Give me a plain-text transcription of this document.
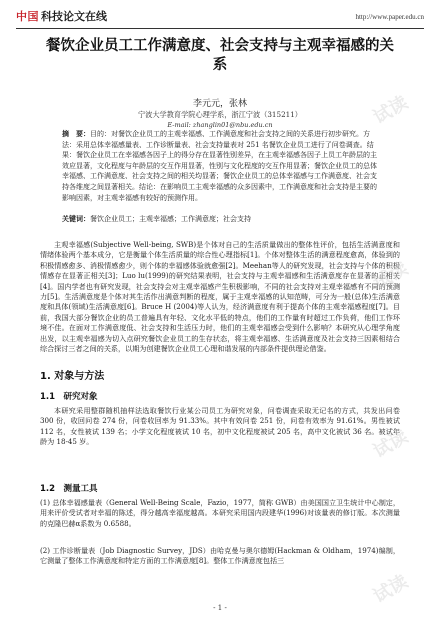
中国 科技论文在线	http://www.paper.edu.cn
餐饮企业员工工作满意度、社会支持与主观幸福感的关系
李元元，张林
宁波大学教育学院心理学系，浙江宁波（315211）
E-mail: zhanglin01@nbu.edu.cn
摘　要：目的：对餐饮企业员工的主观幸福感、工作满意度和社会支持之间的关系进行初步研究。方法：采用总体幸福感量表、工作诊断量表、社会支持量表对 251 名餐饮企业员工进行了问卷调查。结果：餐饮企业员工在幸福感各因子上的得分存在显著性别差异，在主观幸福感各因子上员工年龄层的主效应显著，文化程度与年龄层的交互作用显著，性别与文化程度的交互作用显著；餐饮企业员工的总体幸福感、工作满意度、社会支持之间的相关均显著；餐饮企业员工的总体幸福感与工作满意度、社会支持各维度之间显著相关。结论：在影响员工主观幸福感的众多因素中，工作满意度和社会支持是主要的影响因素，对主观幸福感有较好的预测作用。
关键词：餐饮企业员工；主观幸福感；工作满意度；社会支持
主观幸福感(Subjective Well-being, SWB)是个体对自己的生活质量做出的整体性评价，包括生活满意度和情绪体验两个基本成分，它是衡量个体生活质量的综合性心理指标[1]。个体对整体生活的满意程度愈高，体验到的积极情感愈多、消极情感愈少，则个体的幸福感体验就愈强[2]。Meehan等人的研究发现，社会支持与个体的积极情感存在显著正相关[3]；Luo lu(1999)的研究结果表明，社会支持与主观幸福感和生活满意度存在显著的正相关[4]。国内学者也有研究发现，社会支持会对主观幸福感产生积极影响，不同的社会支持对主观幸福感有不同的预测力[5]。生活满意度是个体对其生活作出满意判断的程度，属于主观幸福感的认知范畴，可分为一般(总体)生活满意度和具体(领域)生活满意度[6]。Bruce H (2004)等人认为，经济满意度有利于提高个体的主观幸福感程度[7]。目前，我国大部分餐饮企业的员工普遍具有年轻、文化水平低的特点，他们的工作量有时超过工作负荷，他们工作环境不佳。在面对工作满意度低、社会支持和生活压力时，他们的主观幸福感会受到什么影响？本研究从心理学角度出发，以主观幸福感为切入点研究餐饮企业员工的生存状态，将主观幸福感、生活满意度及社会支持三因素相结合综合探讨三者之间的关系，以期为创建餐饮企业员工心理和谐发展的内部条件提供理论借鉴。
1. 对象与方法
1.1　研究对象
本研究采用整群随机抽样法选取餐饮行业某公司员工为研究对象，问卷调查采取无记名的方式，共发出问卷 300 份，收回问卷 274 份，问卷收回率为 91.33%。其中有效问卷 251 份，问卷有效率为 91.61%。男性被试 112 名，女性被试 139 名；小学文化程度被试 10 名，初中文化程度被试 205 名，高中文化被试 36 名。被试年龄为 18-45 岁。
1.2　测量工具
(1) 总体幸福感量表（General Well-Being Scale，Fazio，1977，简称 GWB）由美国国立卫生统计中心制定，用来评价受试者对幸福的陈述，得分越高幸福度越高。本研究采用国内段建华(1996)对该量表的修订版。本次测量的克隆巴赫α系数为 0.6588。
(2) 工作诊断量表（Job Diagnostic Survey，JDS）由哈克曼与奥尔德姆(Hackman & Oldham，1974)编制，它测量了整体工作满意度和特定方面的工作满意度[8]。整体工作满意度包括三
- 1 -
试读
试读
试读
试读
